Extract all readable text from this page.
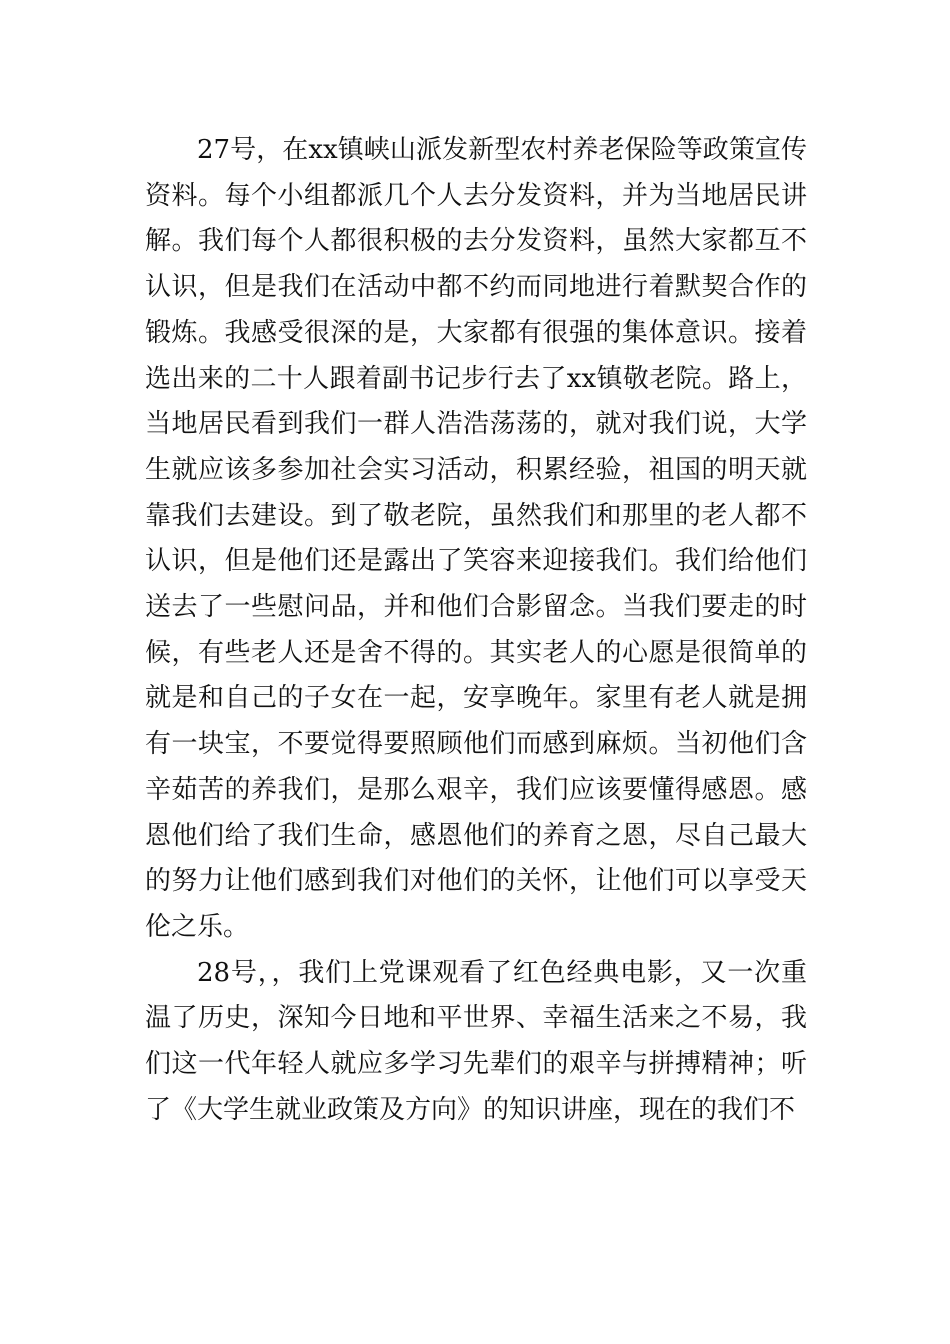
27号，在xx镇峡山派发新型农村养老保险等政策宣传资料。每个小组都派几个人去分发资料，并为当地居民讲解。我们每个人都很积极的去分发资料，虽然大家都互不认识，但是我们在活动中都不约而同地进行着默契合作的锻炼。我感受很深的是，大家都有很强的集体意识。接着选出来的二十人跟着副书记步行去了xx镇敬老院。路上，当地居民看到我们一群人浩浩荡荡的，就对我们说，大学生就应该多参加社会实习活动，积累经验，祖国的明天就靠我们去建设。到了敬老院，虽然我们和那里的老人都不认识，但是他们还是露出了笑容来迎接我们。我们给他们送去了一些慰问品，并和他们合影留念。当我们要走的时候，有些老人还是舍不得的。其实老人的心愿是很简单的就是和自己的子女在一起，安享晚年。家里有老人就是拥有一块宝，不要觉得要照顾他们而感到麻烦。当初他们含辛茹苦的养我们，是那么艰辛，我们应该要懂得感恩。感恩他们给了我们生命，感恩他们的养育之恩，尽自己最大的努力让他们感到我们对他们的关怀，让他们可以享受天伦之乐。

28号，，我们上党课观看了红色经典电影，又一次重温了历史，深知今日地和平世界、幸福生活来之不易，我们这一代年轻人就应多学习先辈们的艰辛与拼搏精神；听了《大学生就业政策及方向》的知识讲座，现在的我们不
